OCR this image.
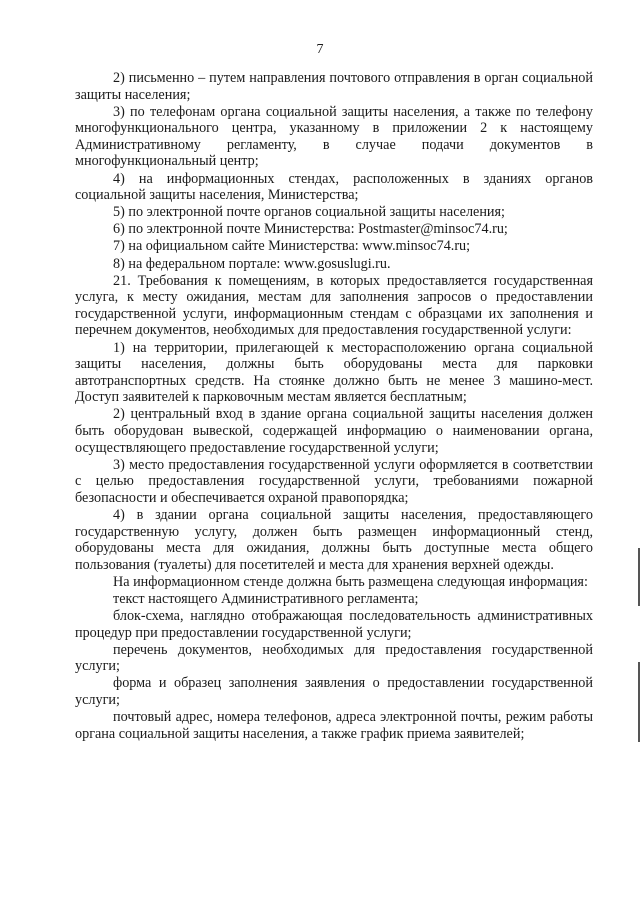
7

2) письменно – путем направления почтового отправления в орган социальной защиты населения;

3) по телефонам органа социальной защиты населения, а также по телефону многофункционального центра, указанному в приложении 2 к настоящему Административному регламенту, в случае подачи документов в многофункциональный центр;

4) на информационных стендах, расположенных в зданиях органов социальной защиты населения, Министерства;

5) по электронной почте органов социальной защиты населения;

6) по электронной почте Министерства: Postmaster@minsoc74.ru;

7) на официальном сайте Министерства: www.minsoc74.ru;

8) на федеральном портале: www.gosuslugi.ru.

21. Требования к помещениям, в которых предоставляется государственная услуга, к месту ожидания, местам для заполнения запросов о предоставлении государственной услуги, информационным стендам с образцами их заполнения и перечнем документов, необходимых для предоставления государственной услуги:

1) на территории, прилегающей к месторасположению органа социальной защиты населения, должны быть оборудованы места для парковки автотранспортных средств. На стоянке должно быть не менее 3 машино-мест. Доступ заявителей к парковочным местам является бесплатным;

2) центральный вход в здание органа социальной защиты населения должен быть оборудован вывеской, содержащей информацию о наименовании органа, осуществляющего предоставление государственной услуги;

3) место предоставления государственной услуги оформляется в соответствии с целью предоставления государственной услуги, требованиями пожарной безопасности и обеспечивается охраной правопорядка;

4) в здании органа социальной защиты населения, предоставляющего государственную услугу, должен быть размещен информационный стенд, оборудованы места для ожидания, должны быть доступные места общего пользования (туалеты) для посетителей и места для хранения верхней одежды.

На информационном стенде должна быть размещена следующая информация:

текст настоящего Административного регламента;

блок-схема, наглядно отображающая последовательность административных процедур при предоставлении государственной услуги;

перечень документов, необходимых для предоставления государственной услуги;

форма и образец заполнения заявления о предоставлении государственной услуги;

почтовый адрес, номера телефонов, адреса электронной почты, режим работы органа социальной защиты населения, а также график приема заявителей;
